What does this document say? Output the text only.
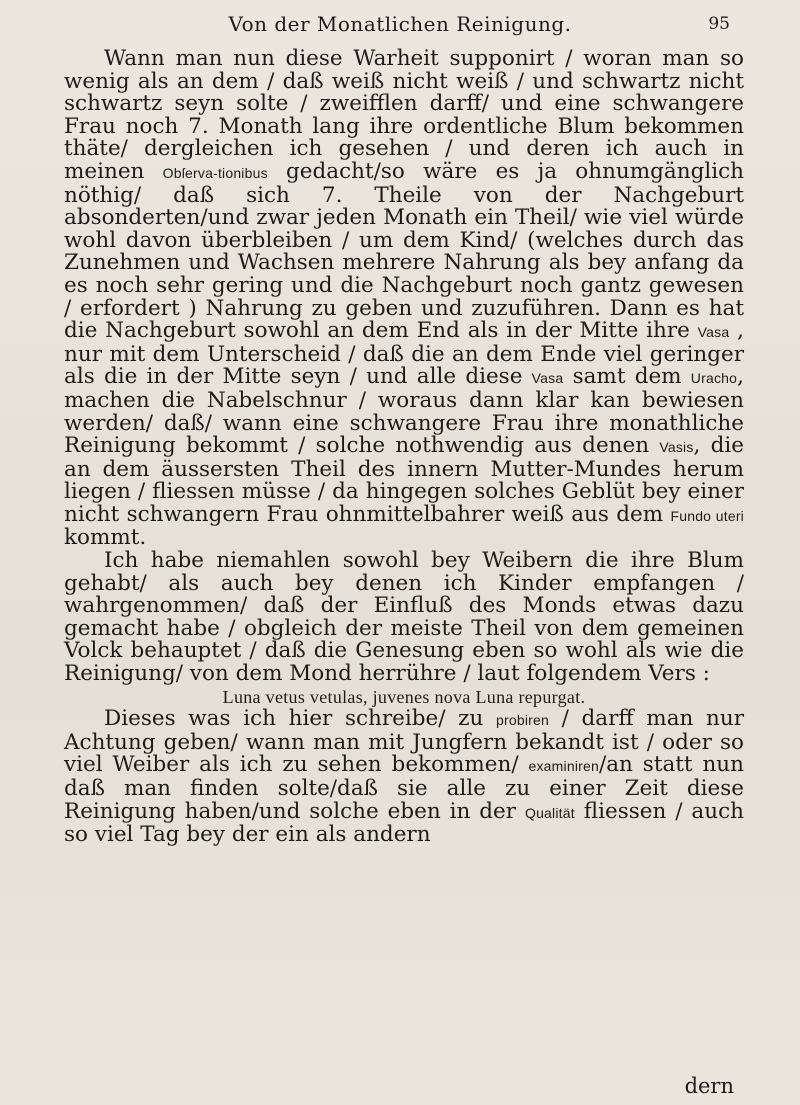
Von der Monatlichen Reinigung.	95

Wann man nun diese Warheit supponirt / woran man so wenig als an dem / daß weiß nicht weiß / und schwartz nicht schwartz seyn solte / zweifflen darff/ und eine schwangere Frau noch 7. Monath lang ihre ordentliche Blum bekommen thäte/ dergleichen ich gesehen / und deren ich auch in meinen Obſerva-tionibus gedacht/so wäre es ja ohnumgänglich nöthig/ daß sich 7. Theile von der Nachgeburt absonderten/und zwar jeden Monath ein Theil/ wie viel würde wohl davon überbleiben / um dem Kind/ (welches durch das Zunehmen und Wachsen mehrere Nahrung als bey anfang da es noch sehr gering und die Nachgeburt noch gantz gewesen / erfordert ) Nahrung zu geben und zuzuführen. Dann es hat die Nachgeburt sowohl an dem End als in der Mitte ihre Vasa , nur mit dem Unterscheid / daß die an dem Ende viel geringer als die in der Mitte seyn / und alle diese Vasa samt dem Uracho, machen die Nabelschnur / woraus dann klar kan bewiesen werden/ daß/ wann eine schwangere Frau ihre monathliche Reinigung bekommt / solche nothwendig aus denen Vasis, die an dem äussersten Theil des innern Mutter-Mundes herum liegen / fliessen müsse / da hingegen solches Geblüt bey einer nicht schwangern Frau ohnmittelbahrer weiß aus dem Fundo uteri kommt.

Ich habe niemahlen sowohl bey Weibern die ihre Blum gehabt/ als auch bey denen ich Kinder empfangen / wahrgenommen/ daß der Einfluß des Monds etwas dazu gemacht habe / obgleich der meiste Theil von dem gemeinen Volck behauptet / daß die Genesung eben so wohl als wie die Reinigung/ von dem Mond herrühre / laut folgendem Vers :

Luna vetus vetulas, juvenes nova Luna repurgat.

Dieses was ich hier schreibe/ zu probiren / darff man nur Achtung geben/ wann man mit Jungfern bekandt ist / oder so viel Weiber als ich zu sehen bekommen/ examiniren/an statt nun daß man finden solte/daß sie alle zu einer Zeit diese Reinigung haben/und solche eben in der Qualität fliessen / auch so viel Tag bey der ein als andern

dern
